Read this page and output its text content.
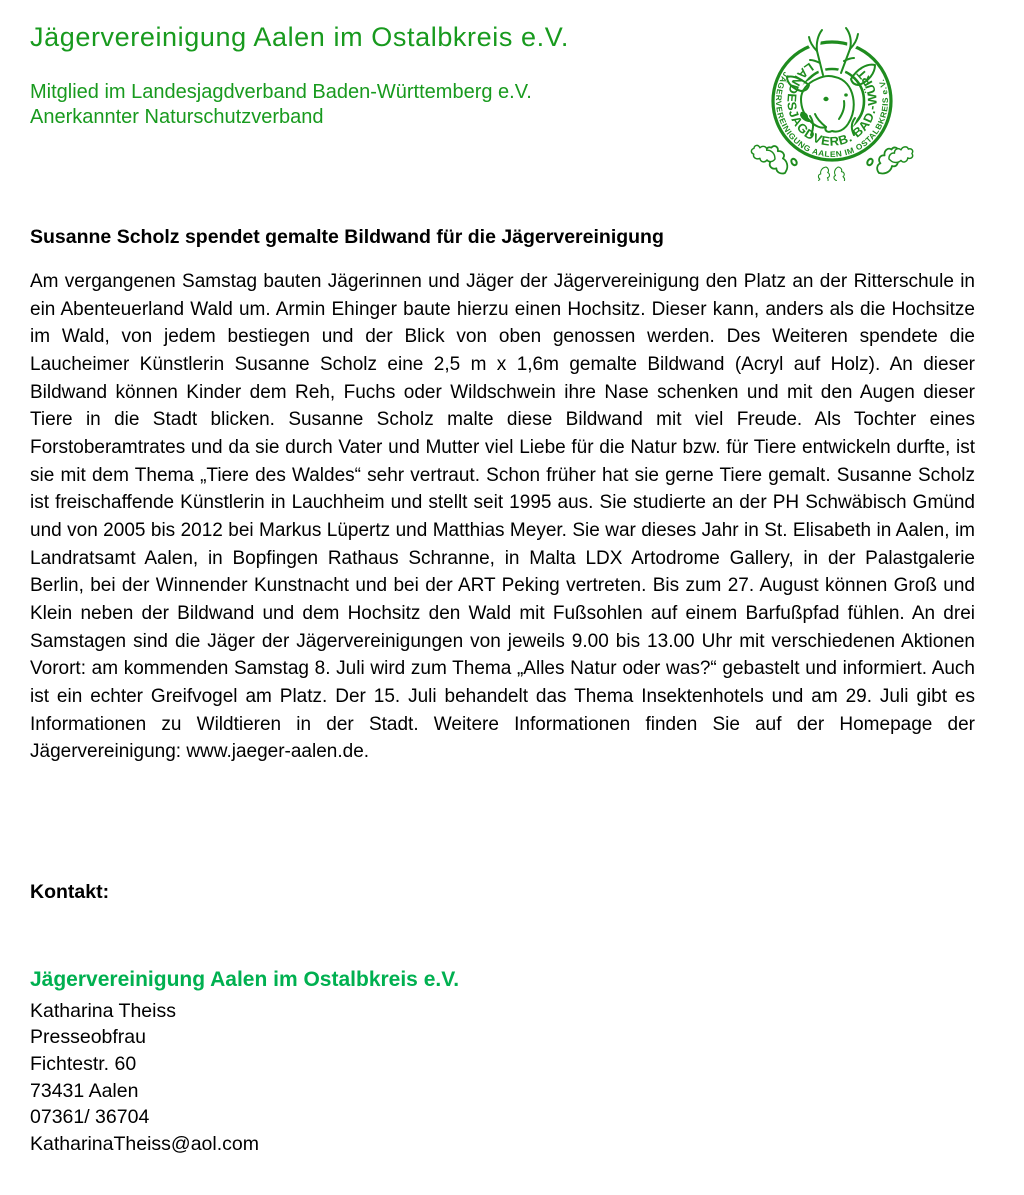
Jägervereinigung Aalen im Ostalbkreis e.V.
Mitglied im Landesjagdverband Baden-Württemberg e.V.
Anerkannter Naturschutzverband
JÄGERVEREINIGUNG AALEN IM OSTALBKREIS e.V.
LANDESJAGDVERB. BAD.-WÜRT.
Susanne Scholz spendet gemalte Bildwand für die Jägervereinigung

Am vergangenen Samstag bauten Jägerinnen und Jäger der Jägervereinigung den Platz an der Ritterschule in ein Abenteuerland Wald um. Armin Ehinger baute hierzu einen Hochsitz. Dieser kann, anders als die Hochsitze im Wald, von jedem bestiegen und der Blick von oben genossen werden. Des Weiteren spendete die Laucheimer Künstlerin Susanne Scholz eine 2,5 m x 1,6m gemalte Bildwand (Acryl auf Holz). An dieser Bildwand können Kinder dem Reh, Fuchs oder Wildschwein ihre Nase schenken und mit den Augen dieser Tiere in die Stadt blicken. Susanne Scholz malte diese Bildwand mit viel Freude. Als Tochter eines Forstoberamtrates und da sie durch Vater und Mutter viel Liebe für die Natur bzw. für Tiere entwickeln durfte, ist sie mit dem Thema „Tiere des Waldes“ sehr vertraut. Schon früher hat sie gerne Tiere gemalt. Susanne Scholz ist freischaffende Künstlerin in Lauchheim und stellt seit 1995 aus. Sie studierte an der PH Schwäbisch Gmünd und von 2005 bis 2012 bei Markus Lüpertz und Matthias Meyer. Sie war dieses Jahr in St. Elisabeth in Aalen, im Landratsamt Aalen, in Bopfingen Rathaus Schranne, in Malta LDX Artodrome Gallery, in der Palastgalerie Berlin, bei der Winnender Kunstnacht und bei der ART Peking vertreten. Bis zum 27. August können Groß und Klein neben der Bildwand und dem Hochsitz den Wald mit Fußsohlen auf einem Barfußpfad fühlen. An drei Samstagen sind die Jäger der Jägervereinigungen von jeweils 9.00 bis 13.00 Uhr mit verschiedenen Aktionen Vorort: am kommenden Samstag 8. Juli wird zum Thema „Alles Natur oder was?“ gebastelt und informiert. Auch ist ein echter Greifvogel am Platz. Der 15. Juli behandelt das Thema Insektenhotels und am 29. Juli gibt es Informationen zu Wildtieren in der Stadt. Weitere Informationen finden Sie auf der Homepage der Jägervereinigung: www.jaeger-aalen.de.

Kontakt:
Jägervereinigung Aalen im Ostalbkreis e.V.
Katharina Theiss
Presseobfrau
Fichtestr. 60
73431 Aalen
07361/ 36704
KatharinaTheiss@aol.com
